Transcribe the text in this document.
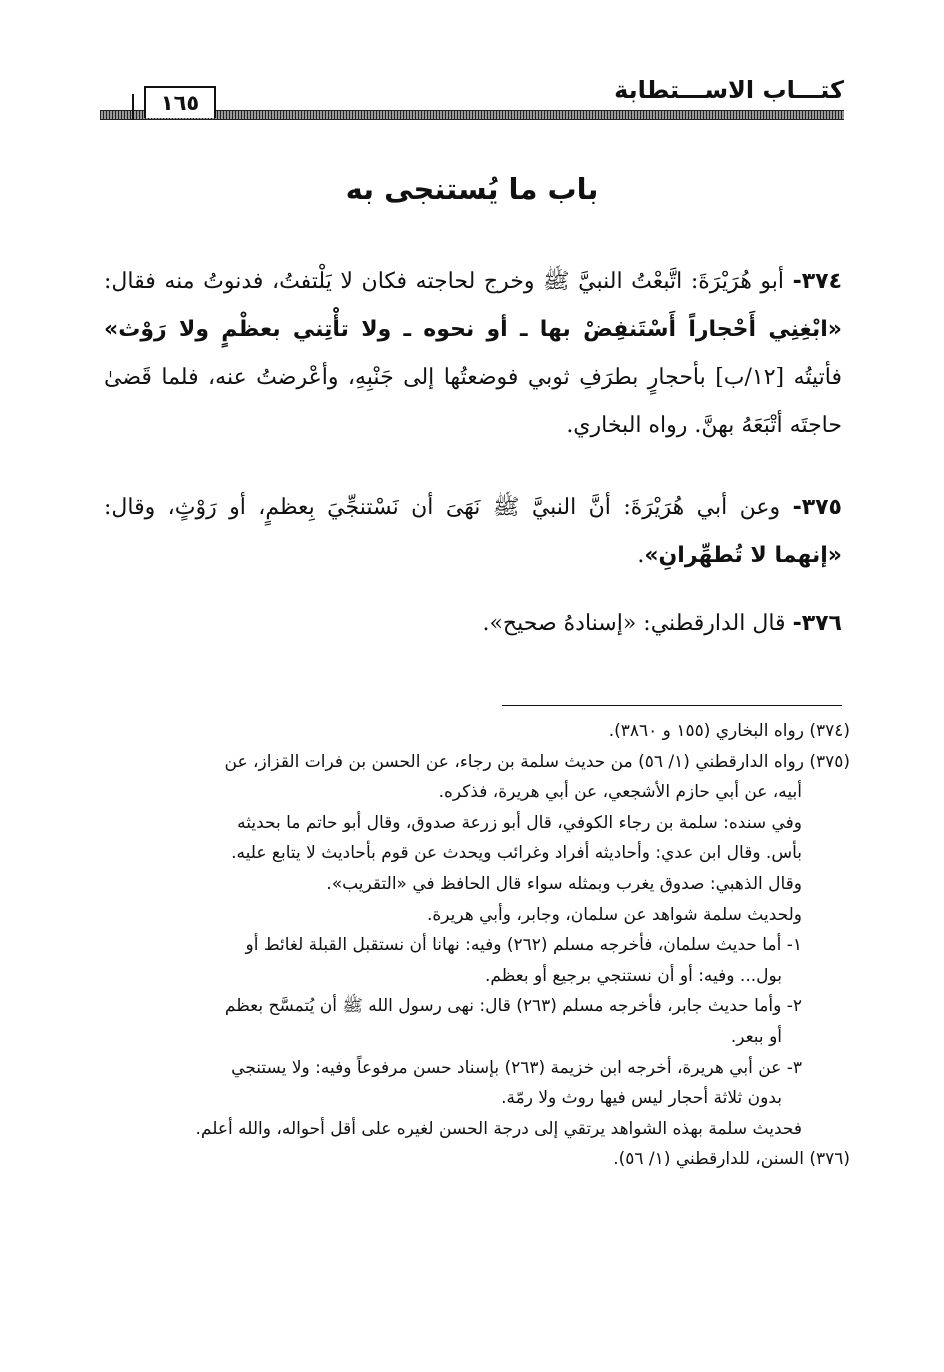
كتـــاب الاســـتطابة
١٦٥
باب ما يُستنجى به
٣٧٤- أبو هُرَيْرَةَ: اتَّبعْتُ النبيَّ ﷺ وخرج لحاجته فكان لا يَلْتفتُ، فدنوتُ منه فقال: «ابْغِنِي أَحْجاراً أَسْتَنفِضْ بها ـ أو نحوه ـ ولا تأْتِني بعظْمٍ ولا رَوْث» فأتيتُه [١٢/ب] بأحجارٍ بطرَفِ ثوبي فوضعتُها إلى جَنْبِهِ، وأعْرضتُ عنه، فلما قَضىٰ حاجتَه أتْبَعَهُ بهنَّ. رواه البخاري.
٣٧٥- وعن أبي هُرَيْرَةَ: أنَّ النبيَّ ﷺ نَهَىَ أن نَسْتنجِّيَ بِعظمٍ، أو رَوْثٍ، وقال: «إنهما لا تُطهِّرانِ».
٣٧٦- قال الدارقطني: «إسنادهُ صحيح».
(٣٧٤) رواه البخاري (١٥٥ و ٣٨٦٠).
(٣٧٥) رواه الدارقطني (١/ ٥٦) من حديث سلمة بن رجاء، عن الحسن بن فرات القزاز، عن
أبيه، عن أبي حازم الأشجعي، عن أبي هريرة، فذكره.
وفي سنده: سلمة بن رجاء الكوفي، قال أبو زرعة صدوق، وقال أبو حاتم ما بحديثه
بأس. وقال ابن عدي: وأحاديثه أفراد وغرائب ويحدث عن قوم بأحاديث لا يتابع عليه.
وقال الذهبي: صدوق يغرب وبمثله سواء قال الحافظ في «التقريب».
ولحديث سلمة شواهد عن سلمان، وجابر، وأبي هريرة.
١- أما حديث سلمان، فأخرجه مسلم (٢٦٢) وفيه: نهانا أن نستقبل القبلة لغائط أو
بول... وفيه: أو أن نستنجي برجيع أو بعظم.
٢- وأما حديث جابر، فأخرجه مسلم (٢٦٣) قال: نهى رسول الله ﷺ أن يُتمسَّح بعظم
أو ببعر.
٣- عن أبي هريرة، أخرجه ابن خزيمة (٢٦٣) بإسناد حسن مرفوعاً وفيه: ولا يستنجي
بدون ثلاثة أحجار ليس فيها روث ولا رمّة.
فحديث سلمة بهذه الشواهد يرتقي إلى درجة الحسن لغيره على أقل أحواله، والله أعلم.
(٣٧٦) السنن، للدارقطني (١/ ٥٦).
